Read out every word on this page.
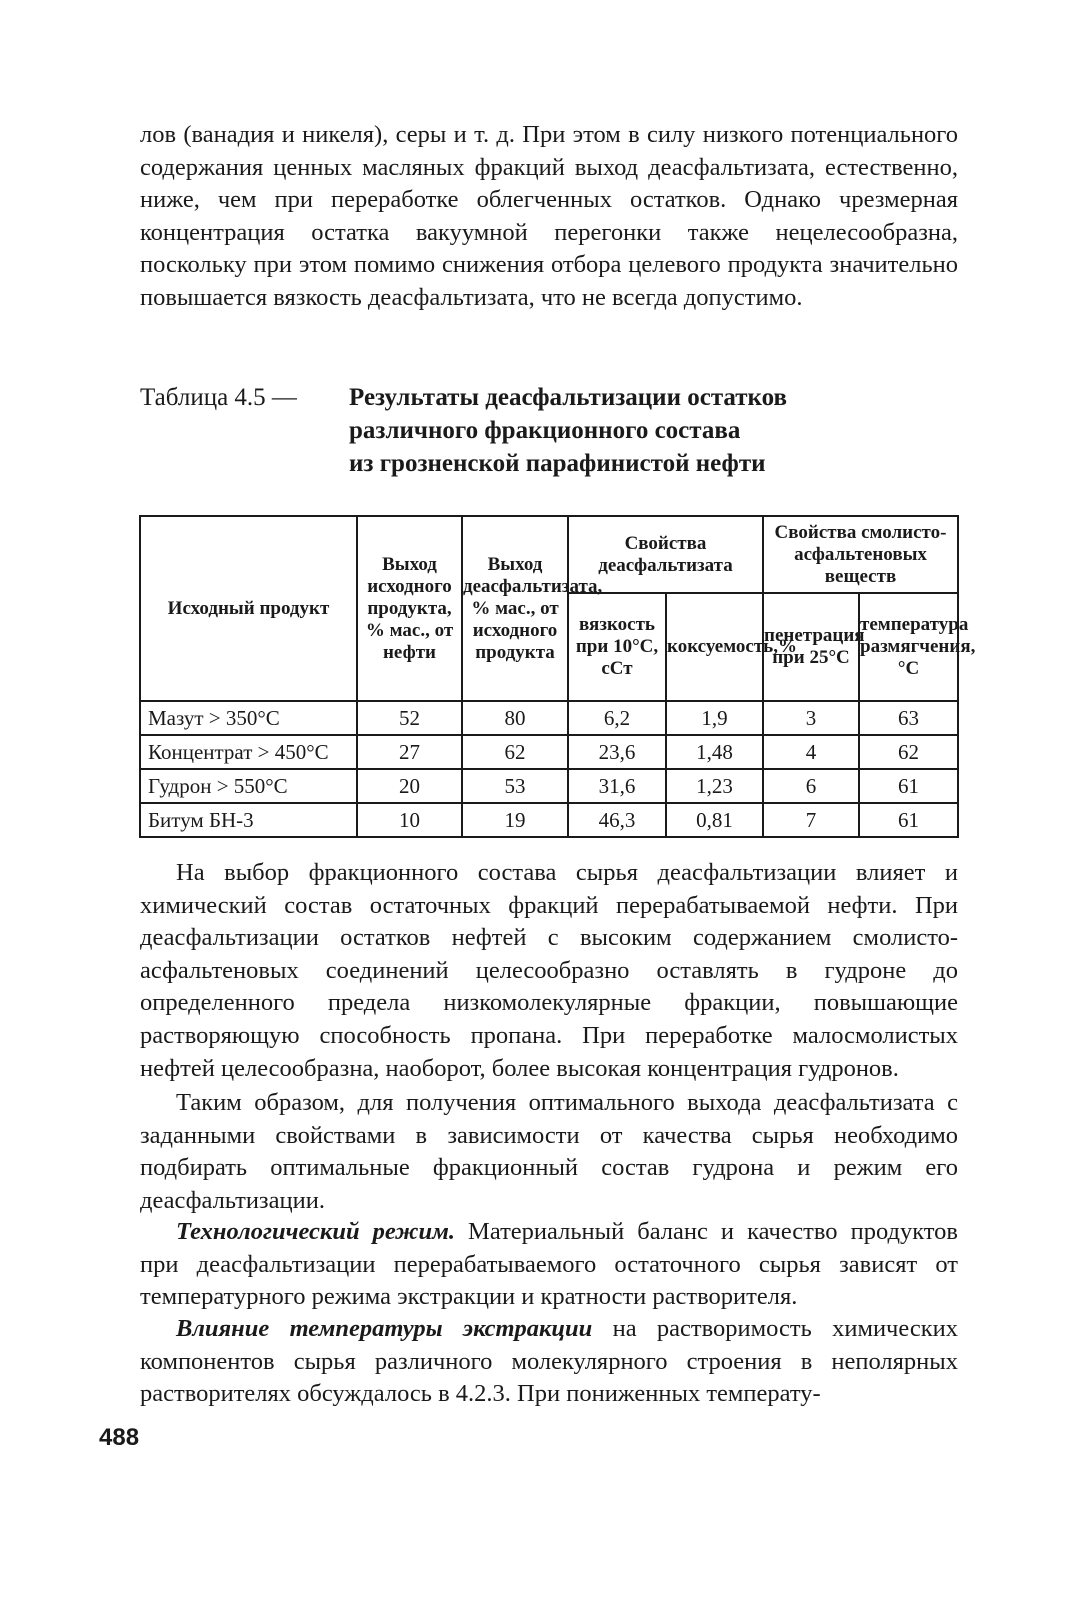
лов (ванадия и никеля), серы и т. д. При этом в силу низкого потенциального содержания ценных масляных фракций выход деасфальтизата, естественно, ниже, чем при переработке облегченных остатков. Однако чрезмерная концентрация остатка вакуумной перегонки также нецелесообразна, поскольку при этом помимо снижения отбора целевого продукта значительно повышается вязкость деасфальтизата, что не всегда допустимо.

Таблица 4.5 — Результаты деасфальтизации остатков
различного фракционного состава
из грозненской парафинистой нефти

Исходный продукт	Выход исходного продукта, % мас., от нефти	Выход деасфальтизата, % мас., от исходного продукта	Свойства деасфальтизата		Свойства смолисто-асфальтеновых веществ	
			вязкость при 10°С, сСт	коксуемость,%	пенетрация при 25°С	температура размягчения, °С
Мазут > 350°С	52	80	6,2	1,9	3	63
Концентрат > 450°С	27	62	23,6	1,48	4	62
Гудрон > 550°С	20	53	31,6	1,23	6	61
Битум БН-3	10	19	46,3	0,81	7	61

На выбор фракционного состава сырья деасфальтизации влияет и химический состав остаточных фракций перерабатываемой нефти. При деасфальтизации остатков нефтей с высоким содержанием смолисто-асфальтеновых соединений целесообразно оставлять в гудроне до определенного предела низкомолекулярные фракции, повышающие растворяющую способность пропана. При переработке малосмолистых нефтей целесообразна, наоборот, более высокая концентрация гудронов.

Таким образом, для получения оптимального выхода деасфальтизата с заданными свойствами в зависимости от качества сырья необходимо подбирать оптимальные фракционный состав гудрона и режим его деасфальтизации.

Технологический режим. Материальный баланс и качество продуктов при деасфальтизации перерабатываемого остаточного сырья зависят от температурного режима экстракции и кратности растворителя.

Влияние температуры экстракции на растворимость химических компонентов сырья различного молекулярного строения в неполярных растворителях обсуждалось в 4.2.3. При пониженных температу-

488
